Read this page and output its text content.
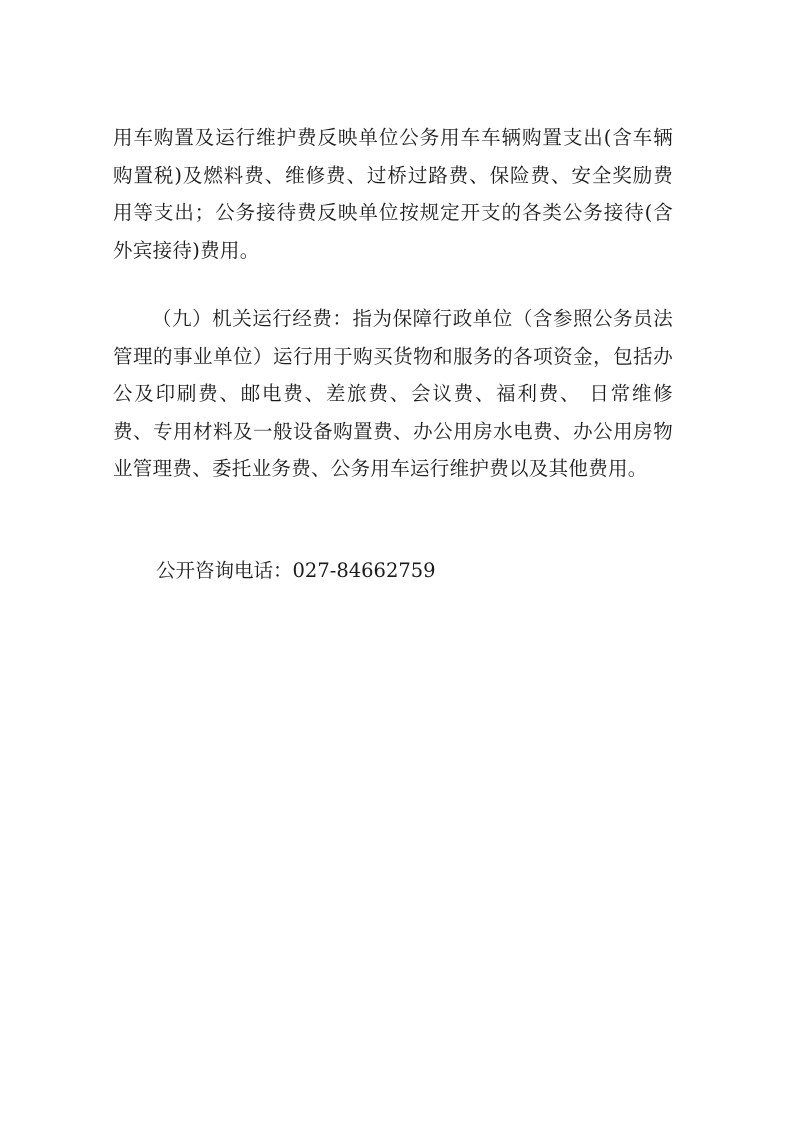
用车购置及运行维护费反映单位公务用车车辆购置支出(含车辆购置税)及燃料费、维修费、过桥过路费、保险费、安全奖励费用等支出；公务接待费反映单位按规定开支的各类公务接待(含外宾接待)费用。

（九）机关运行经费：指为保障行政单位（含参照公务员法管理的事业单位）运行用于购买货物和服务的各项资金，包括办公及印刷费、邮电费、差旅费、会议费、福利费、 日常维修费、专用材料及一般设备购置费、办公用房水电费、办公用房物业管理费、委托业务费、公务用车运行维护费以及其他费用。

公开咨询电话：027-84662759
